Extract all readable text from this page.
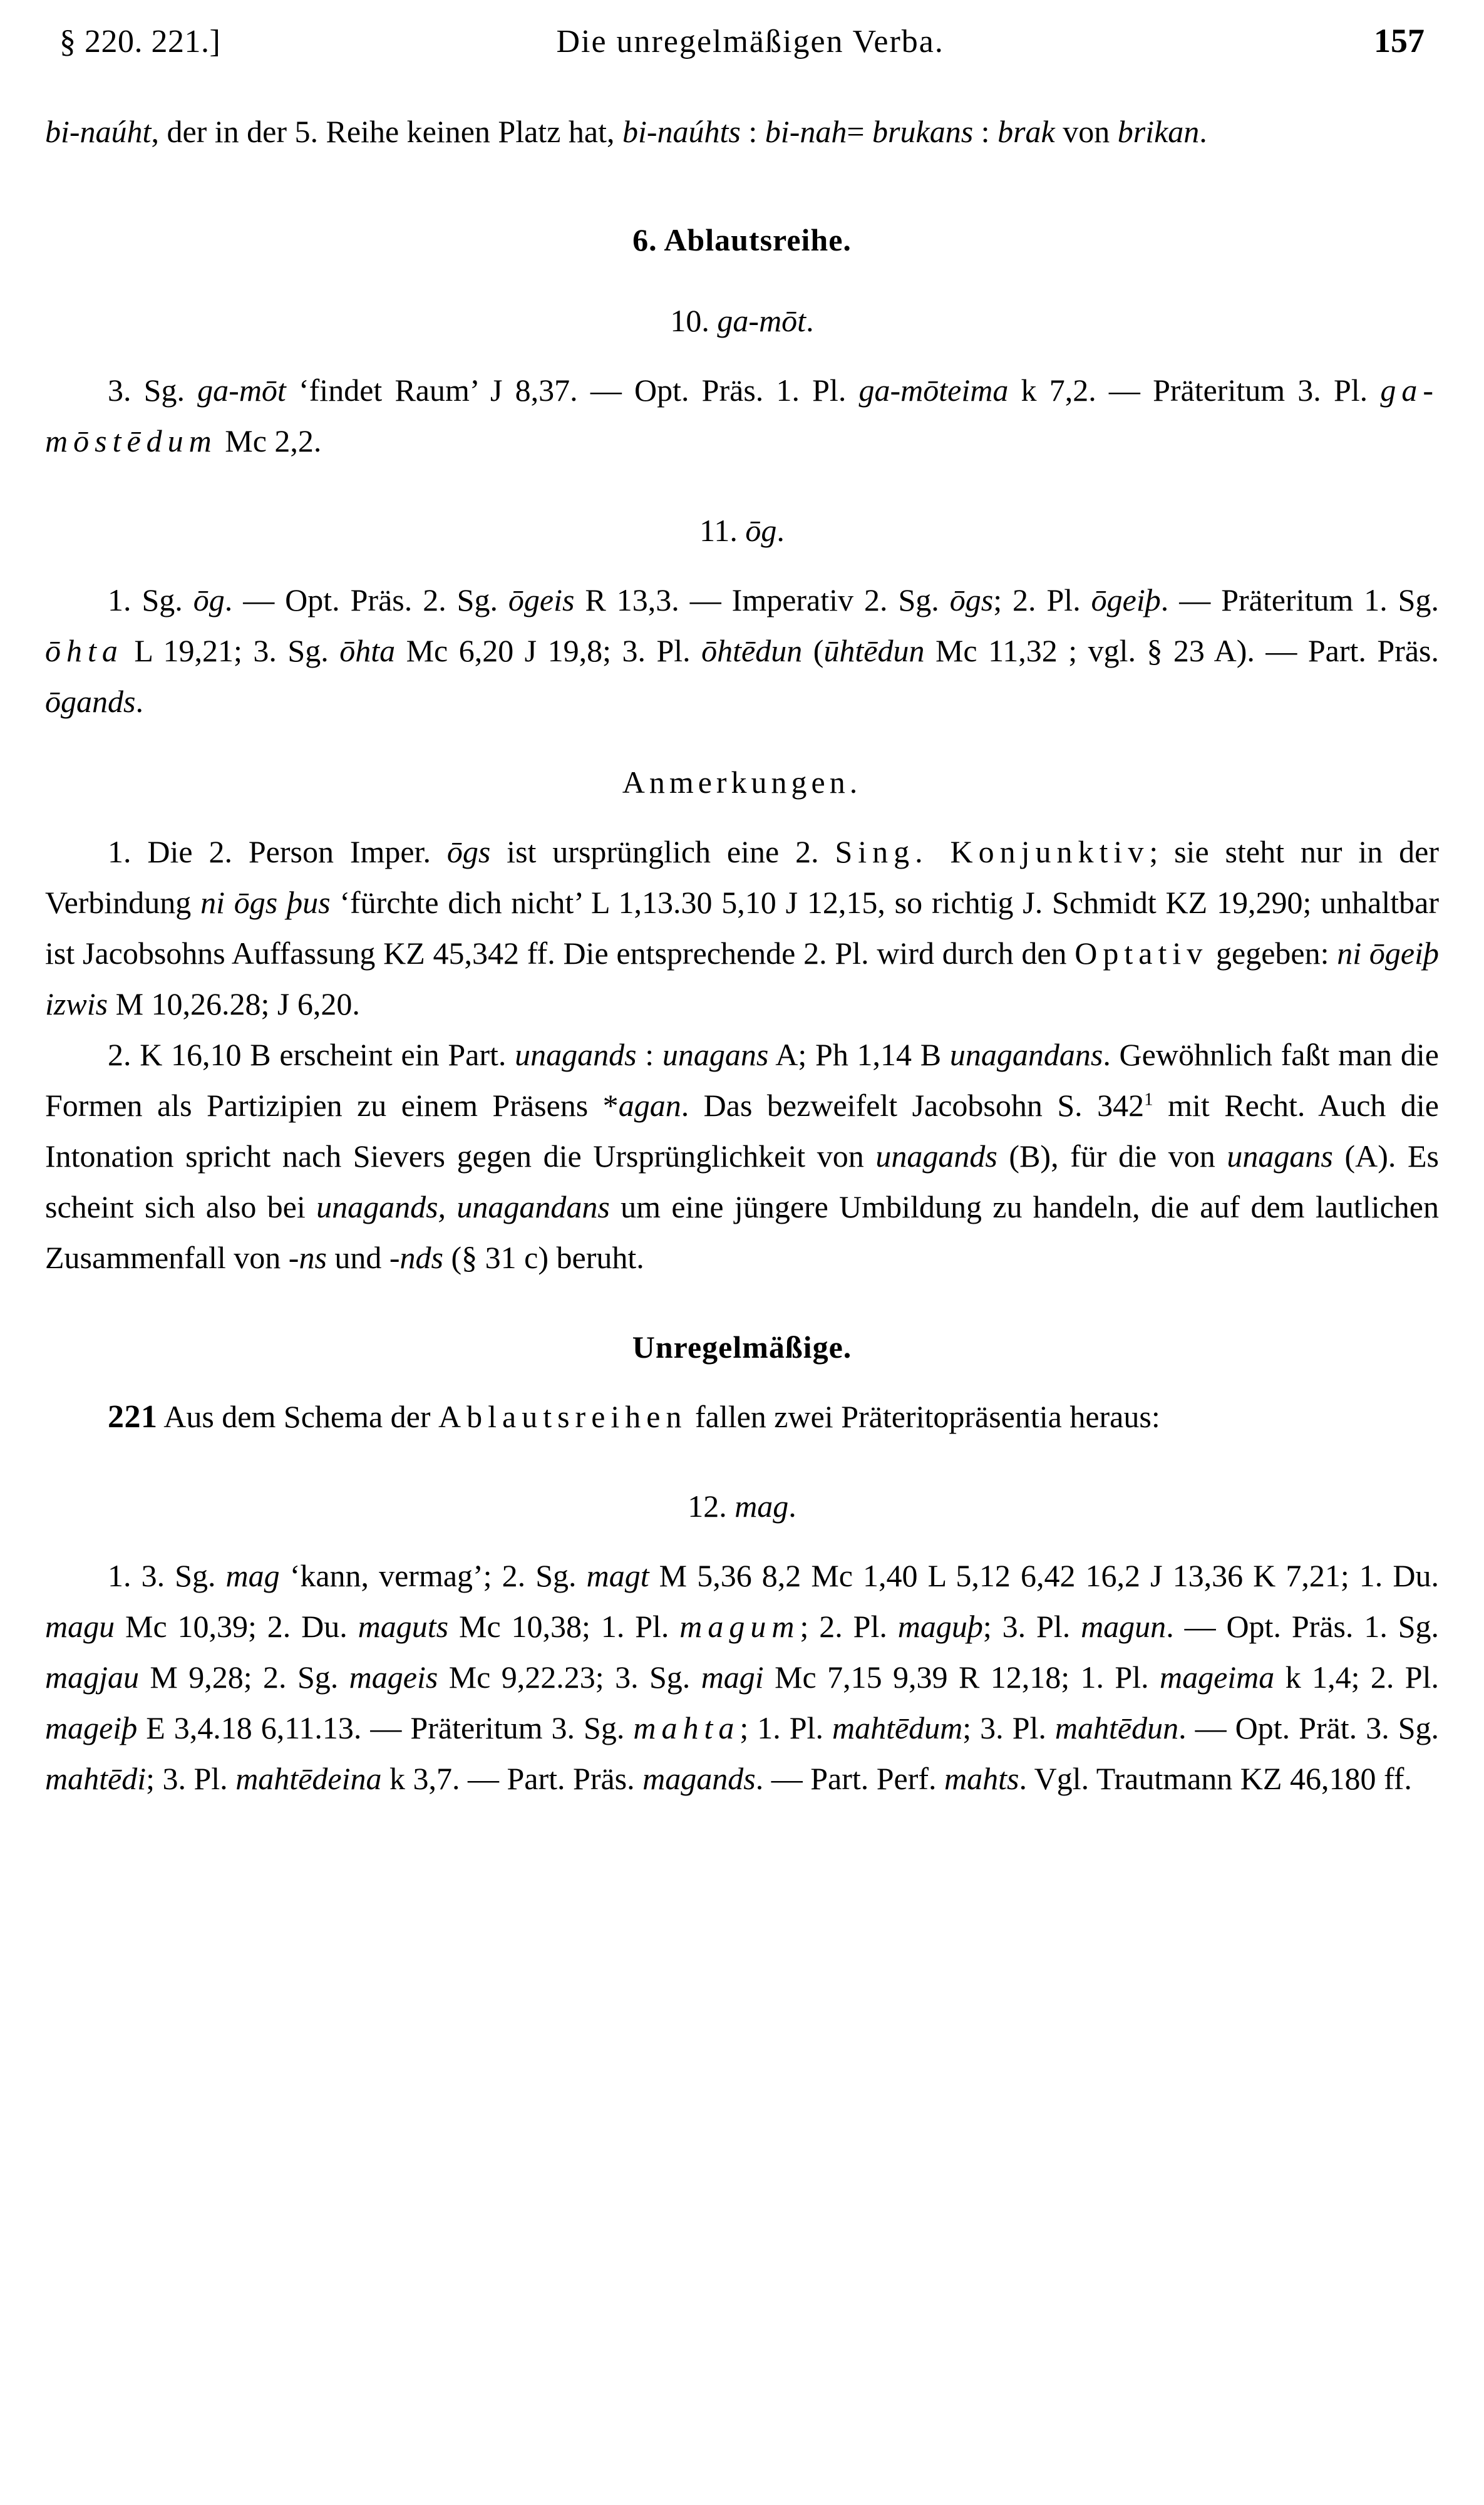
§ 220. 221.]	Die unregelmäßigen Verba.	157

bi-naúht, der in der 5. Reihe keinen Platz hat, bi-naúhts : bi-nah= brukans : brak von brikan.

6. Ablautsreihe.

10. ga-mōt.

3. Sg. ga-mōt ‘findet Raum’ J 8,37. — Opt. Präs. 1. Pl. ga-mōteima k 7,2. — Präteritum 3. Pl. ga-mōstēdum Mc 2,2.

11. ōg.

1. Sg. ōg. — Opt. Präs. 2. Sg. ōgeis R 13,3. — Imperativ 2. Sg. ōgs; 2. Pl. ōgeiþ. — Präteritum 1. Sg. ōhta L 19,21; 3. Sg. ōhta Mc 6,20 J 19,8; 3. Pl. ōhtēdun (ūhtēdun Mc 11,32 ; vgl. § 23 A). — Part. Präs. ōgands.

Anmerkungen.

1. Die 2. Person Imper. ōgs ist ursprünglich eine 2. Sing. Konjunktiv; sie steht nur in der Verbindung ni ōgs þus ‘fürchte dich nicht’ L 1,13.30 5,10 J 12,15, so richtig J. Schmidt KZ 19,290; unhaltbar ist Jacobsohns Auffassung KZ 45,342 ff. Die entsprechende 2. Pl. wird durch den Optativ gegeben: ni ōgeiþ izwis M 10,26.28; J 6,20.

2. K 16,10 B erscheint ein Part. unagands : unagans A; Ph 1,14 B unagandans. Gewöhnlich faßt man die Formen als Partizipien zu einem Präsens *agan. Das bezweifelt Jacobsohn S. $342^1$ mit Recht. Auch die Intonation spricht nach Sievers gegen die Ursprünglichkeit von unagands (B), für die von unagans (A). Es scheint sich also bei unagands, unagandans um eine jüngere Umbildung zu handeln, die auf dem lautlichen Zusammenfall von -ns und -nds (§ 31 c) beruht.

Unregelmäßige.

221 Aus dem Schema der Ablautsreihen fallen zwei Präteritopräsentia heraus:

12. mag.

1. 3. Sg. mag ‘kann, vermag’; 2. Sg. magt M 5,36 8,2 Mc 1,40 L 5,12 6,42 16,2 J 13,36 K 7,21; 1. Du. magu Mc 10,39; 2. Du. maguts Mc 10,38; 1. Pl. magum; 2. Pl. maguþ; 3. Pl. magun. — Opt. Präs. 1. Sg. magjau M 9,28; 2. Sg. mageis Mc 9,22.23; 3. Sg. magi Mc 7,15 9,39 R 12,18; 1. Pl. mageima k 1,4; 2. Pl. mageiþ E 3,4.18 6,11.13. — Präteritum 3. Sg. mahta; 1. Pl. mahtēdum; 3. Pl. mahtēdun. — Opt. Prät. 3. Sg. mahtēdi; 3. Pl. mahtēdeina k 3,7. — Part. Präs. magands. — Part. Perf. mahts. Vgl. Trautmann KZ 46,180 ff.
